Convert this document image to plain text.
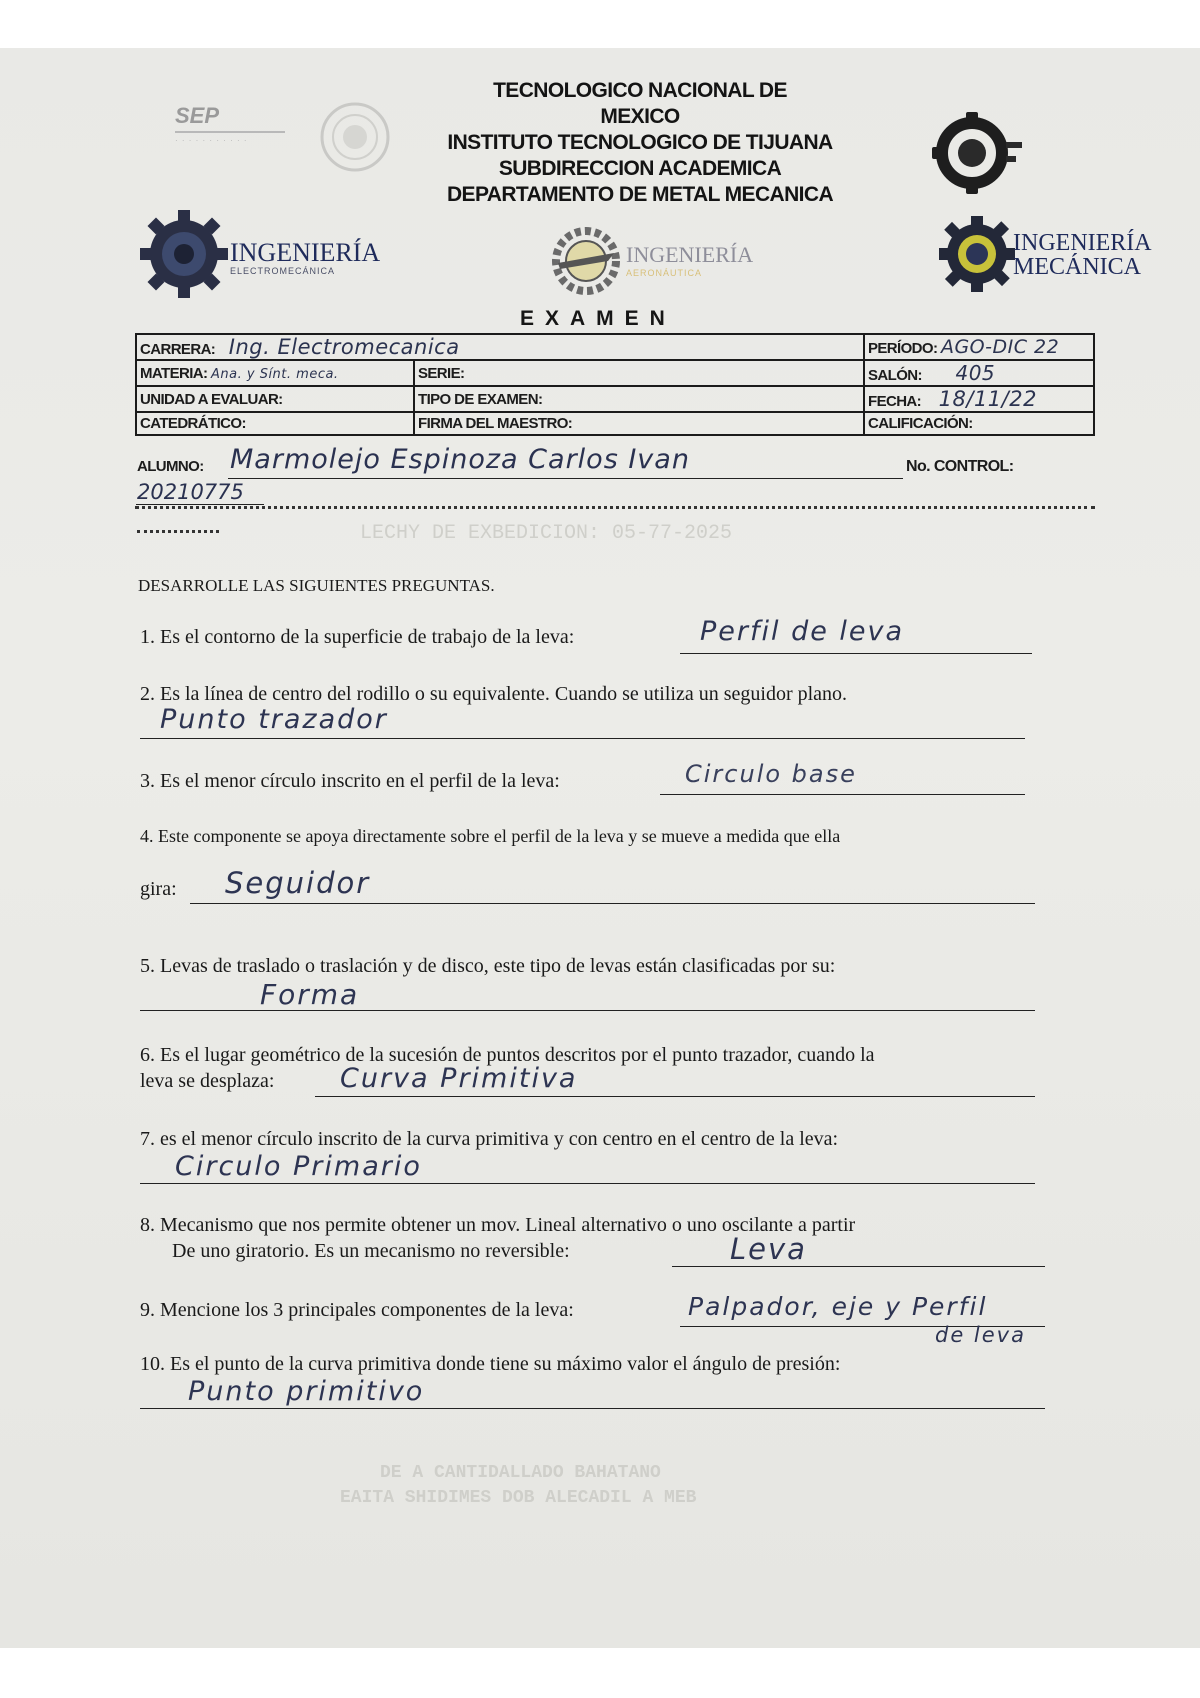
LECHY DE EXBEDICION: 05-77-2025
DE A CANTIDALLADO BAHATANO
EAITA SHIDIMES DOB ALECADIL A MEB
SEP
· · · · · · · · · · ·
TECNOLOGICO NACIONAL DE
MEXICO
INSTITUTO TECNOLOGICO DE TIJUANA
SUBDIRECCION ACADEMICA
DEPARTAMENTO DE METAL MECANICA
INGENIERÍA
ELECTROMECÁNICA
INGENIERÍA
AERONÁUTICA
INGENIERÍA
MECÁNICA
EXAMEN
CARRERA: Ing. Electromecanica		PERÍODO: AGO-DIC 22
MATERIA: Ana. y Sínt. meca.	SERIE:	SALÓN: 405
UNIDAD A EVALUAR:	TIPO DE EXAMEN:	FECHA: 18/11/22
CATEDRÁTICO:	FIRMA DEL MAESTRO:	CALIFICACIÓN:
ALUMNO: Marmolejo Espinoza Carlos Ivan	No. CONTROL:
20210775
DESARROLLE LAS SIGUIENTES PREGUNTAS.
1. Es el contorno de la superficie de trabajo de la leva:	Perfil de leva
2. Es la línea de centro del rodillo o su equivalente. Cuando se utiliza un seguidor plano.
Punto trazador
3. Es el menor círculo inscrito en el perfil de la leva:	Circulo base
4. Este componente se apoya directamente sobre el perfil de la leva y se mueve a medida que ella
gira: Seguidor
5. Levas de traslado o traslación y de disco, este tipo de levas están clasificadas por su:
Forma
6. Es el lugar geométrico de la sucesión de puntos descritos por el punto trazador, cuando la
leva se desplaza: Curva Primitiva
7. es el menor círculo inscrito de la curva primitiva y con centro en el centro de la leva:
Circulo Primario
8. Mecanismo que nos permite obtener un mov. Lineal alternativo o uno oscilante a partir
De uno giratorio. Es un mecanismo no reversible:	Leva
9. Mencione los 3 principales componentes de la leva:	Palpador, eje y Perfil
de leva
10. Es el punto de la curva primitiva donde tiene su máximo valor el ángulo de presión:
Punto primitivo
